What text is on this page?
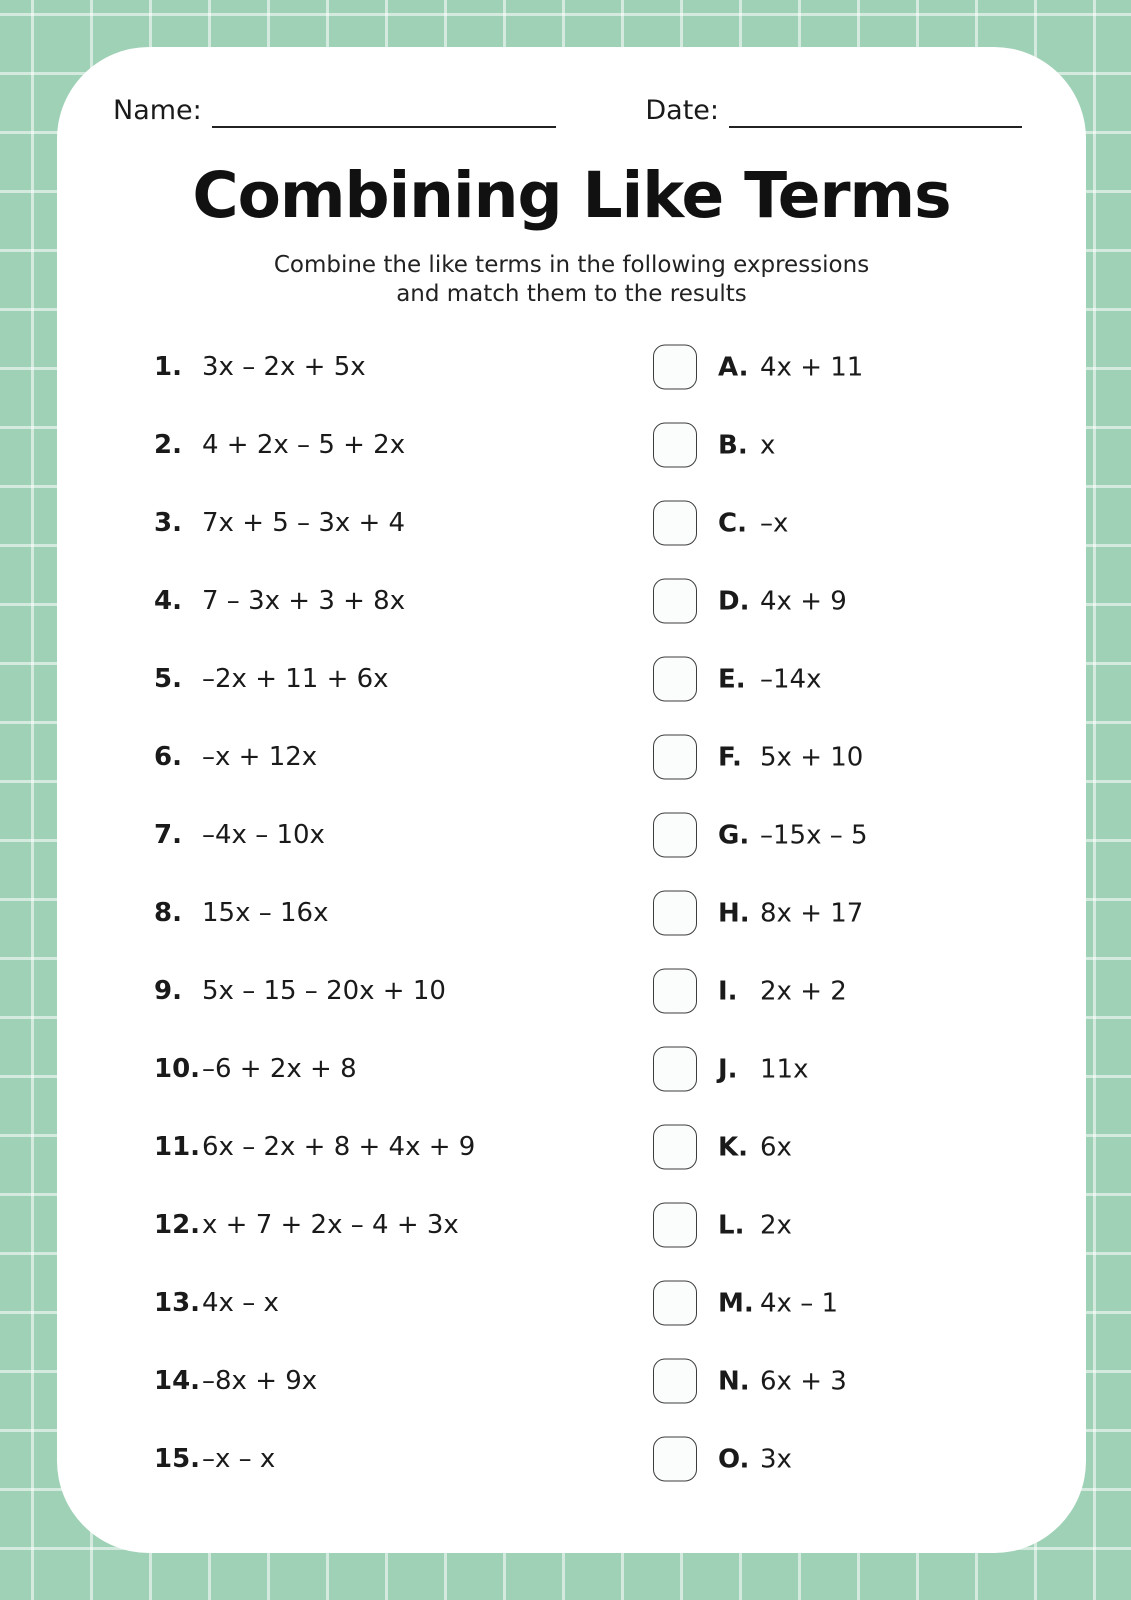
Name:	Date:
Combining Like Terms
Combine the like terms in the following expressions
and match them to the results
1. 3x – 2x + 5x	A. 4x + 11
2. 4 + 2x – 5 + 2x	B. x
3. 7x + 5 – 3x + 4	C. –x
4. 7 – 3x + 3 + 8x	D. 4x + 9
5. –2x + 11 + 6x	E. –14x
6. –x + 12x	F. 5x + 10
7. –4x – 10x	G. –15x – 5
8. 15x – 16x	H. 8x + 17
9. 5x – 15 – 20x + 10	I. 2x + 2
10. –6 + 2x + 8	J. 11x
11. 6x – 2x + 8 + 4x + 9	K. 6x
12. x + 7 + 2x – 4 + 3x	L. 2x
13. 4x – x	M. 4x – 1
14. –8x + 9x	N. 6x + 3
15. –x – x	O. 3x
